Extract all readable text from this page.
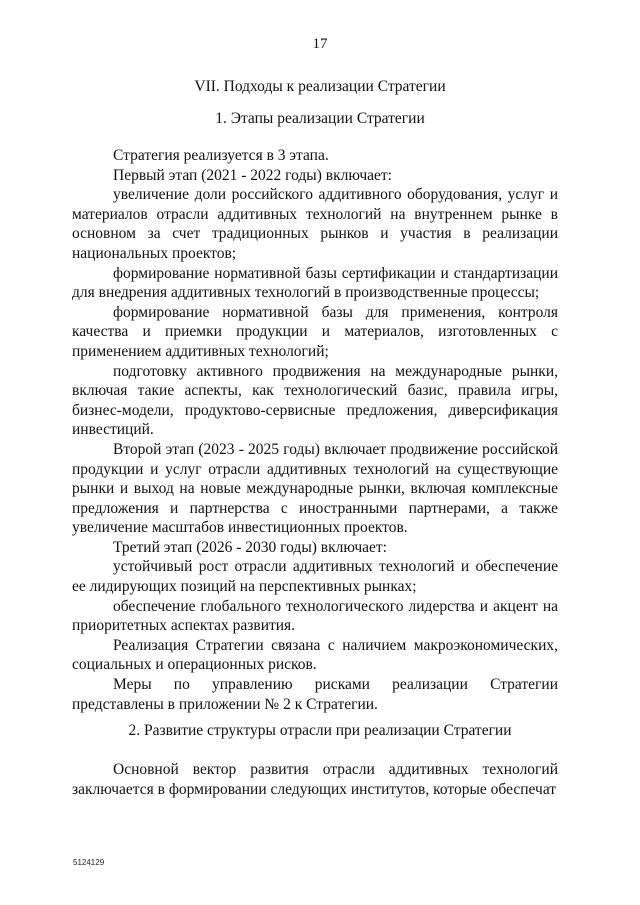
17
VII. Подходы к реализации Стратегии
1. Этапы реализации Стратегии

Стратегия реализуется в 3 этапа.

Первый этап (2021 - 2022 годы) включает:

увеличение доли российского аддитивного оборудования, услуг и материалов отрасли аддитивных технологий на внутреннем рынке в основном за счет традиционных рынков и участия в реализации национальных проектов;

формирование нормативной базы сертификации и стандартизации для внедрения аддитивных технологий в производственные процессы;

формирование нормативной базы для применения, контроля качества и приемки продукции и материалов, изготовленных с применением аддитивных технологий;

подготовку активного продвижения на международные рынки, включая такие аспекты, как технологический базис, правила игры, бизнес-модели, продуктово-сервисные предложения, диверсификация инвестиций.

Второй этап (2023 - 2025 годы) включает продвижение российской продукции и услуг отрасли аддитивных технологий на существующие рынки и выход на новые международные рынки, включая комплексные предложения и партнерства с иностранными партнерами, а также увеличение масштабов инвестиционных проектов.

Третий этап (2026 - 2030 годы) включает:

устойчивый рост отрасли аддитивных технологий и обеспечение ее лидирующих позиций на перспективных рынках;

обеспечение глобального технологического лидерства и акцент на приоритетных аспектах развития.

Реализация Стратегии связана с наличием макроэкономических, социальных и операционных рисков.

Меры по управлению рисками реализации Стратегии представлены в приложении № 2 к Стратегии.

2. Развитие структуры отрасли при реализации Стратегии

Основной вектор развития отрасли аддитивных технологий заключается в формировании следующих институтов, которые обеспечат

5124129
